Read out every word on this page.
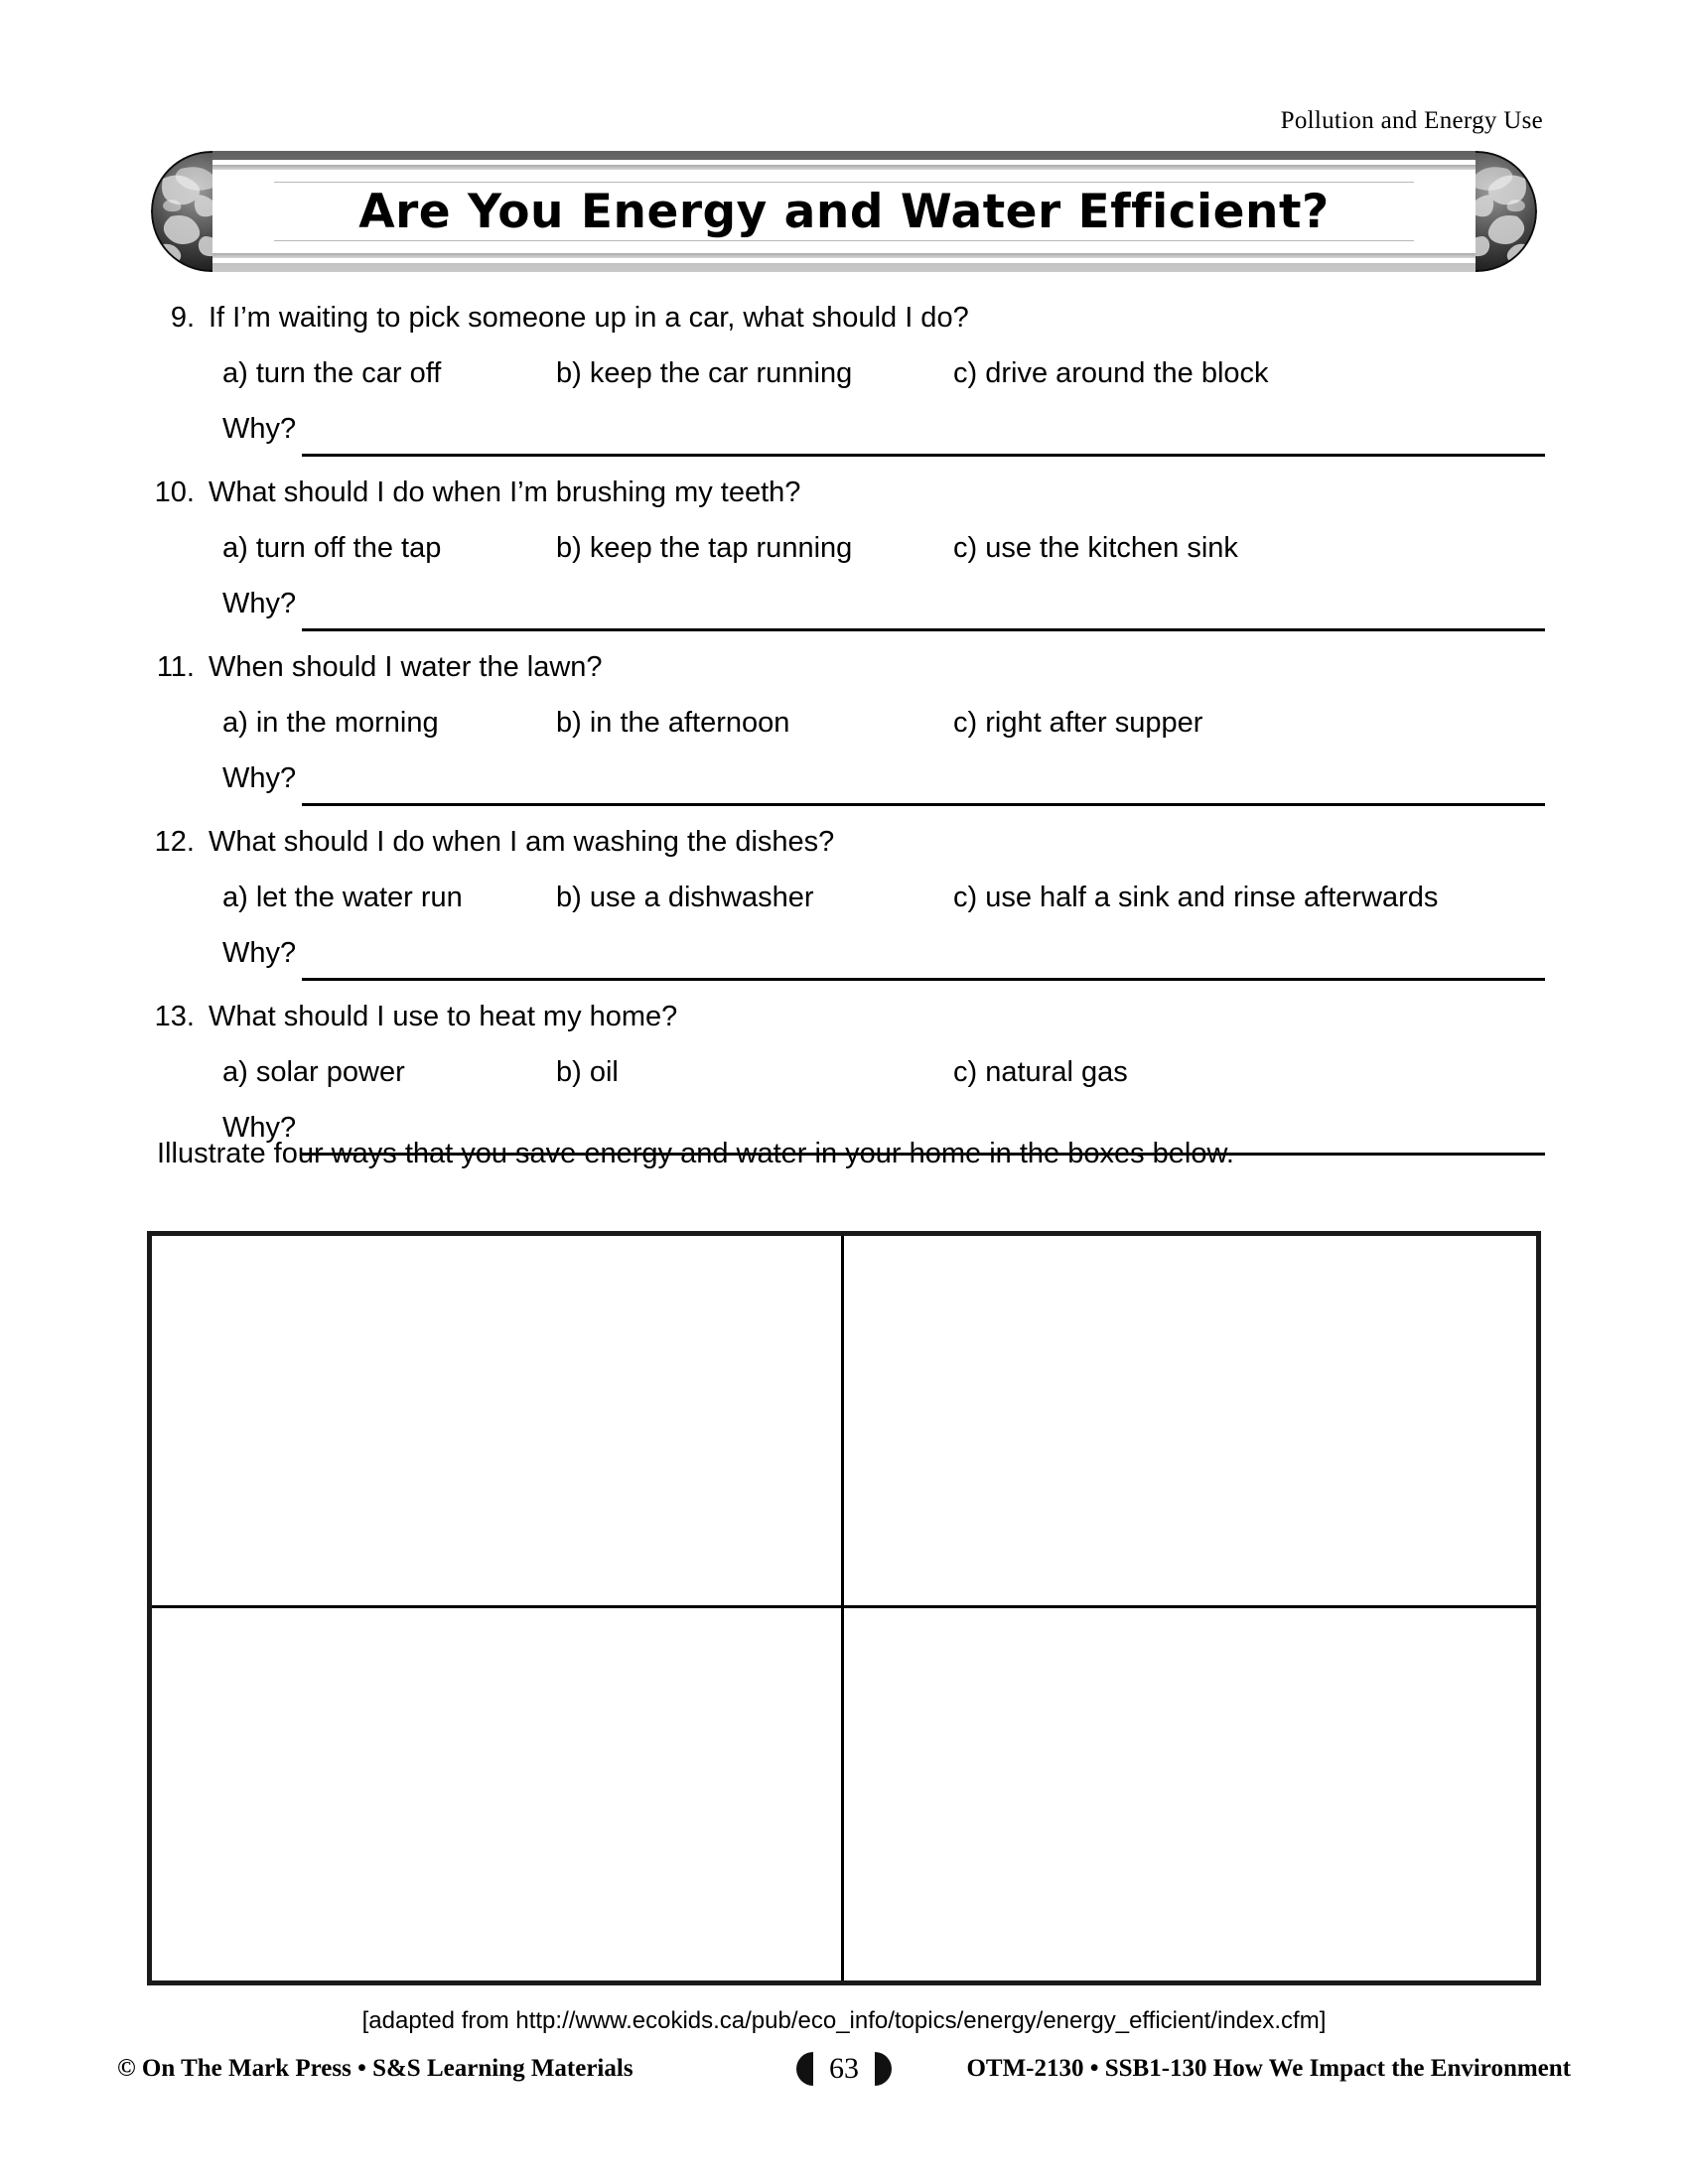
Pollution and Energy Use
Are You Energy and Water Efficient?
9. If I’m waiting to pick someone up in a car, what should I do?
a) turn the car off	b) keep the car running	c) drive around the block
Why?
10. What should I do when I’m brushing my teeth?
a) turn off the tap	b) keep the tap running	c) use the kitchen sink
Why?
11. When should I water the lawn?
a) in the morning	b) in the afternoon	c) right after supper
Why?
12. What should I do when I am washing the dishes?
a) let the water run	b) use a dishwasher	c) use half a sink and rinse afterwards
Why?
13. What should I use to heat my home?
a) solar power	b) oil	c) natural gas
Why?
Illustrate four ways that you save energy and water in your home in the boxes below.
[adapted from http://www.ecokids.ca/pub/eco_info/topics/energy/energy_efficient/index.cfm]
© On The Mark Press • S&S Learning Materials	63	OTM-2130 • SSB1-130 How We Impact the Environment
